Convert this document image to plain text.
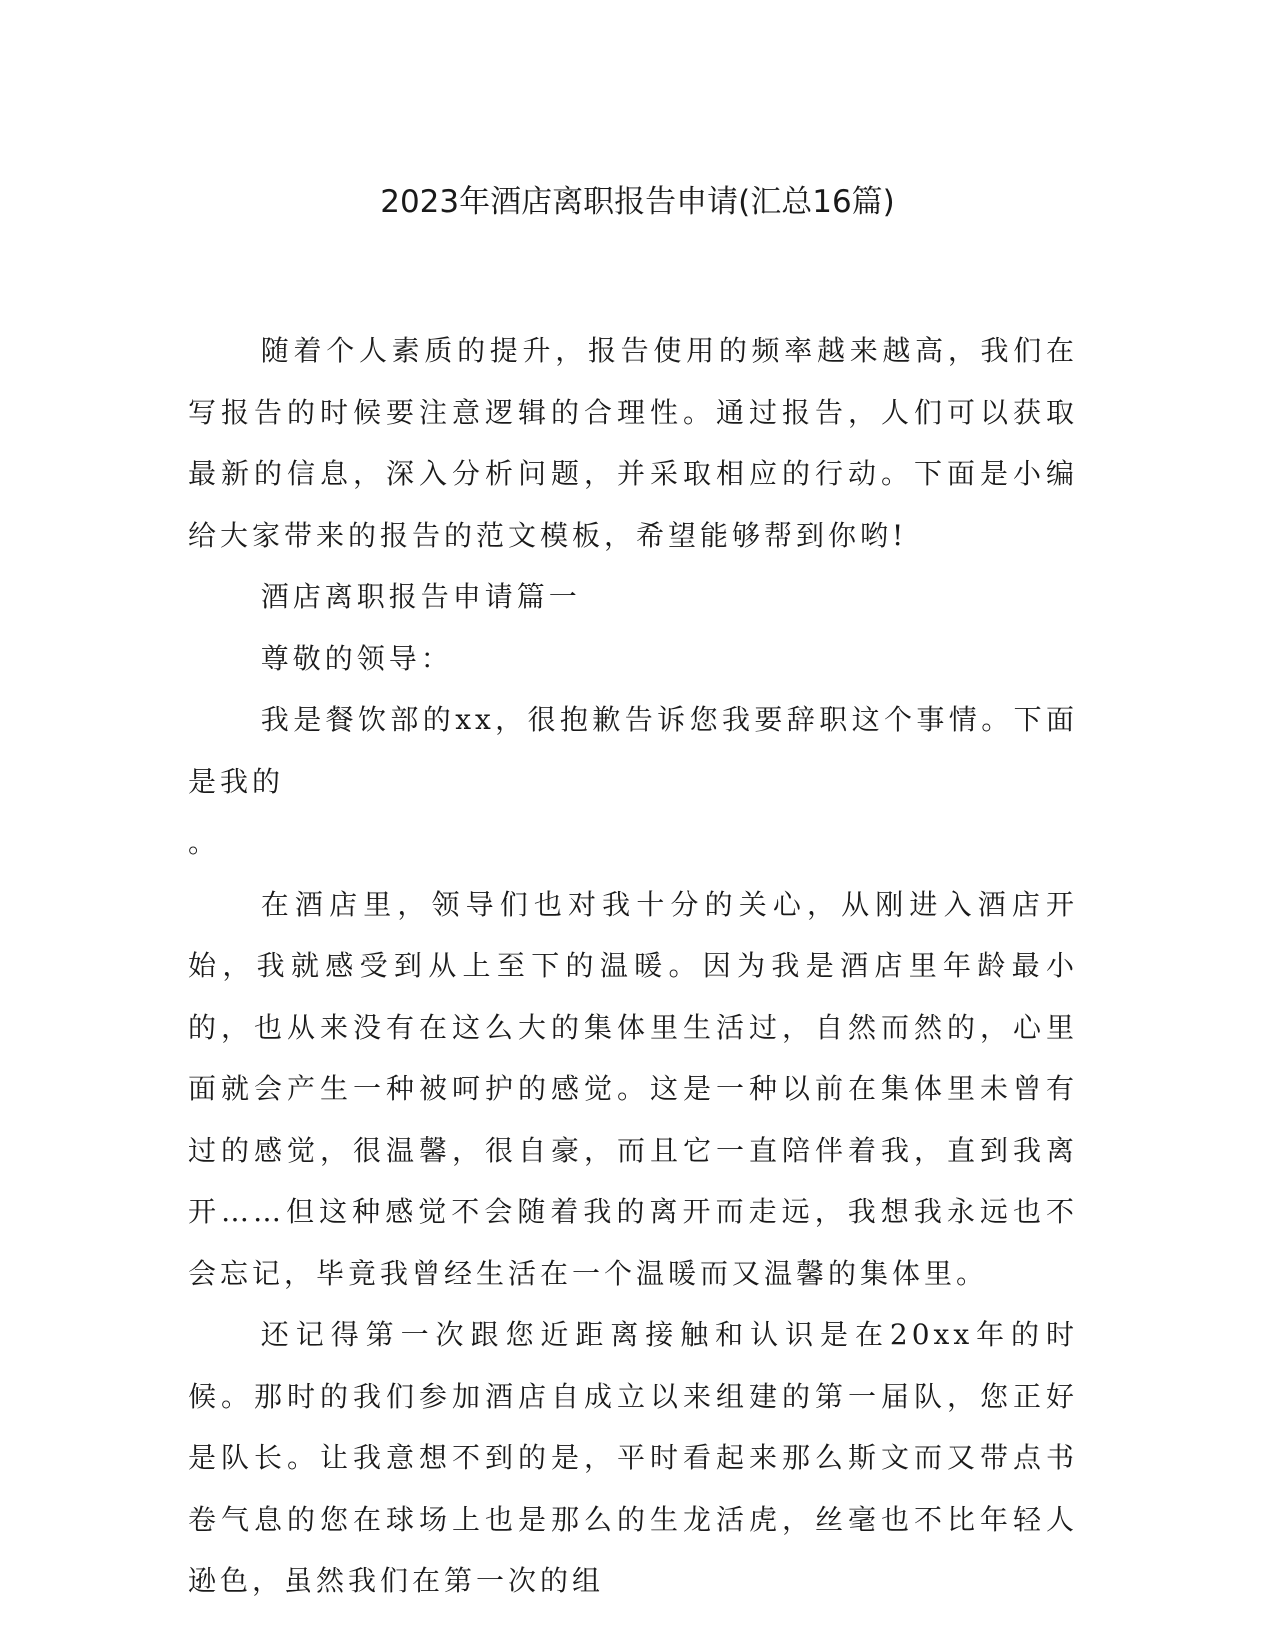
2023年酒店离职报告申请(汇总16篇)

随着个人素质的提升，报告使用的频率越来越高，我们在写报告的时候要注意逻辑的合理性。通过报告，人们可以获取最新的信息，深入分析问题，并采取相应的行动。下面是小编给大家带来的报告的范文模板，希望能够帮到你哟!

酒店离职报告申请篇一

尊敬的领导：

我是餐饮部的xx，很抱歉告诉您我要辞职这个事情。下面是我的

。

在酒店里，领导们也对我十分的关心，从刚进入酒店开始，我就感受到从上至下的温暖。因为我是酒店里年龄最小的，也从来没有在这么大的集体里生活过，自然而然的，心里面就会产生一种被呵护的感觉。这是一种以前在集体里未曾有过的感觉，很温馨，很自豪，而且它一直陪伴着我，直到我离开……但这种感觉不会随着我的离开而走远，我想我永远也不会忘记，毕竟我曾经生活在一个温暖而又温馨的集体里。

还记得第一次跟您近距离接触和认识是在20xx年的时候。那时的我们参加酒店自成立以来组建的第一届队，您正好是队长。让我意想不到的是，平时看起来那么斯文而又带点书卷气息的您在球场上也是那么的生龙活虎，丝毫也不比年轻人逊色，虽然我们在第一次的组
